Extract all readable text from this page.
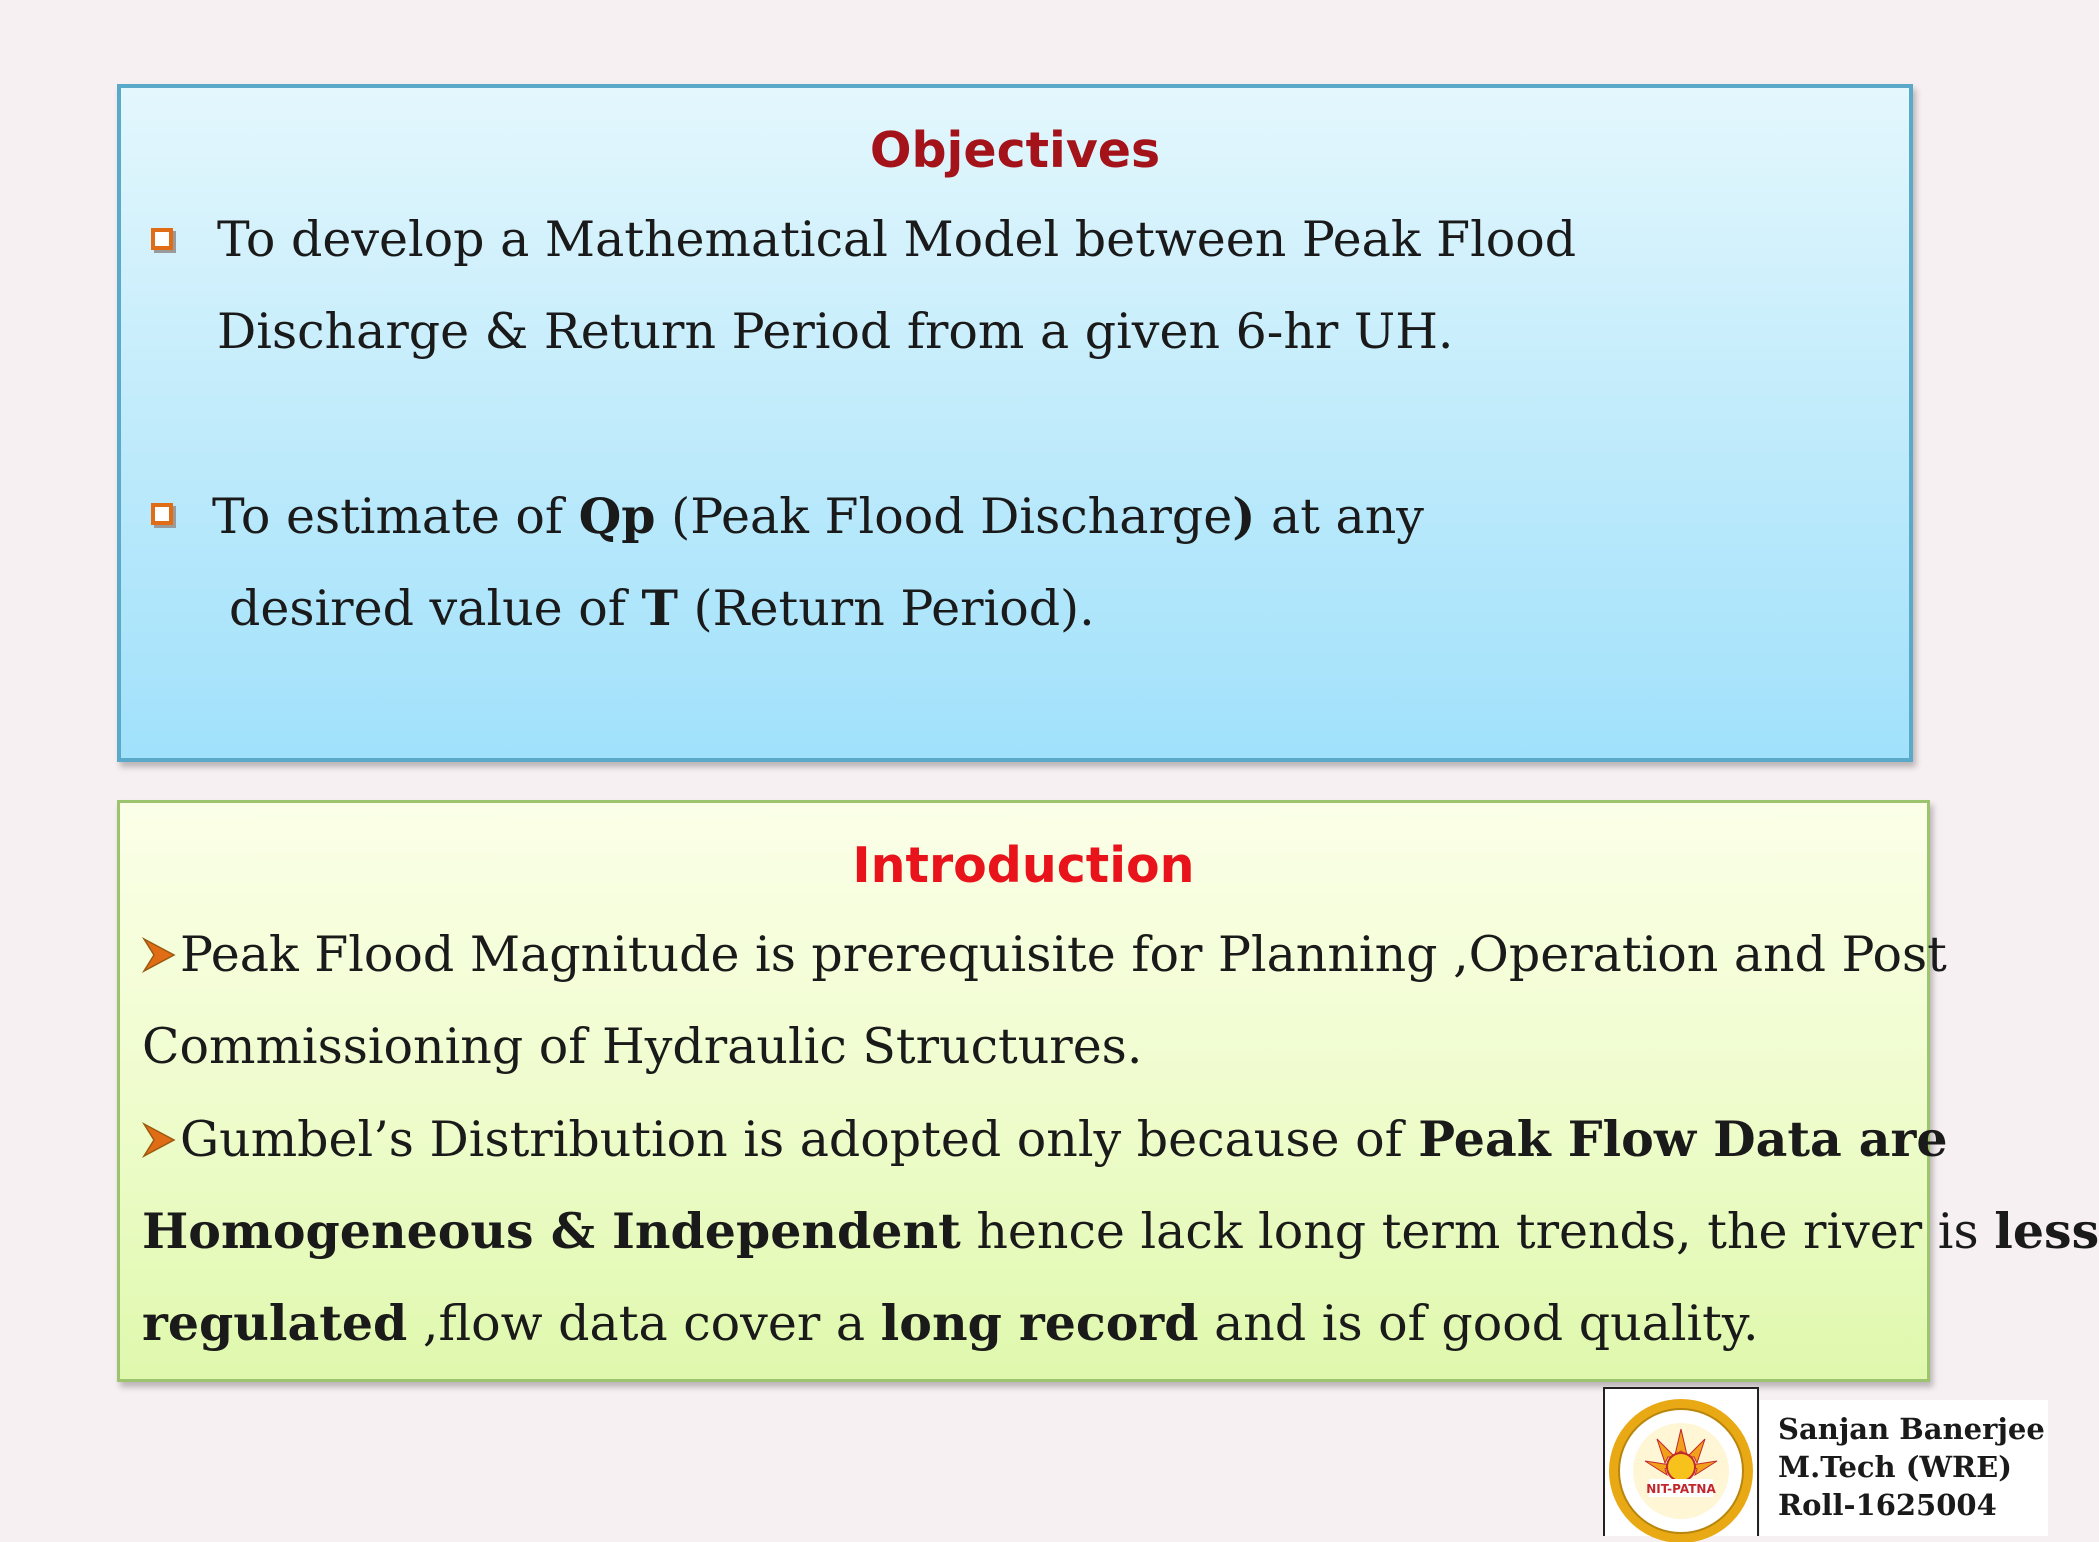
Objectives
To develop a Mathematical Model between Peak Flood
Discharge & Return Period from a given 6-hr UH.
To estimate of Qp (Peak Flood Discharge) at any
desired value of T (Return Period).
Introduction
Peak Flood Magnitude is prerequisite for Planning ,Operation and Post
Commissioning of Hydraulic Structures.
Gumbel’s Distribution is adopted only because of Peak Flow Data are
Homogeneous & Independent hence lack long term trends, the river is less
regulated ,flow data cover a long record and is of good quality.
NIT-PATNA
Sanjan Banerjee
M.Tech (WRE)
Roll-1625004
